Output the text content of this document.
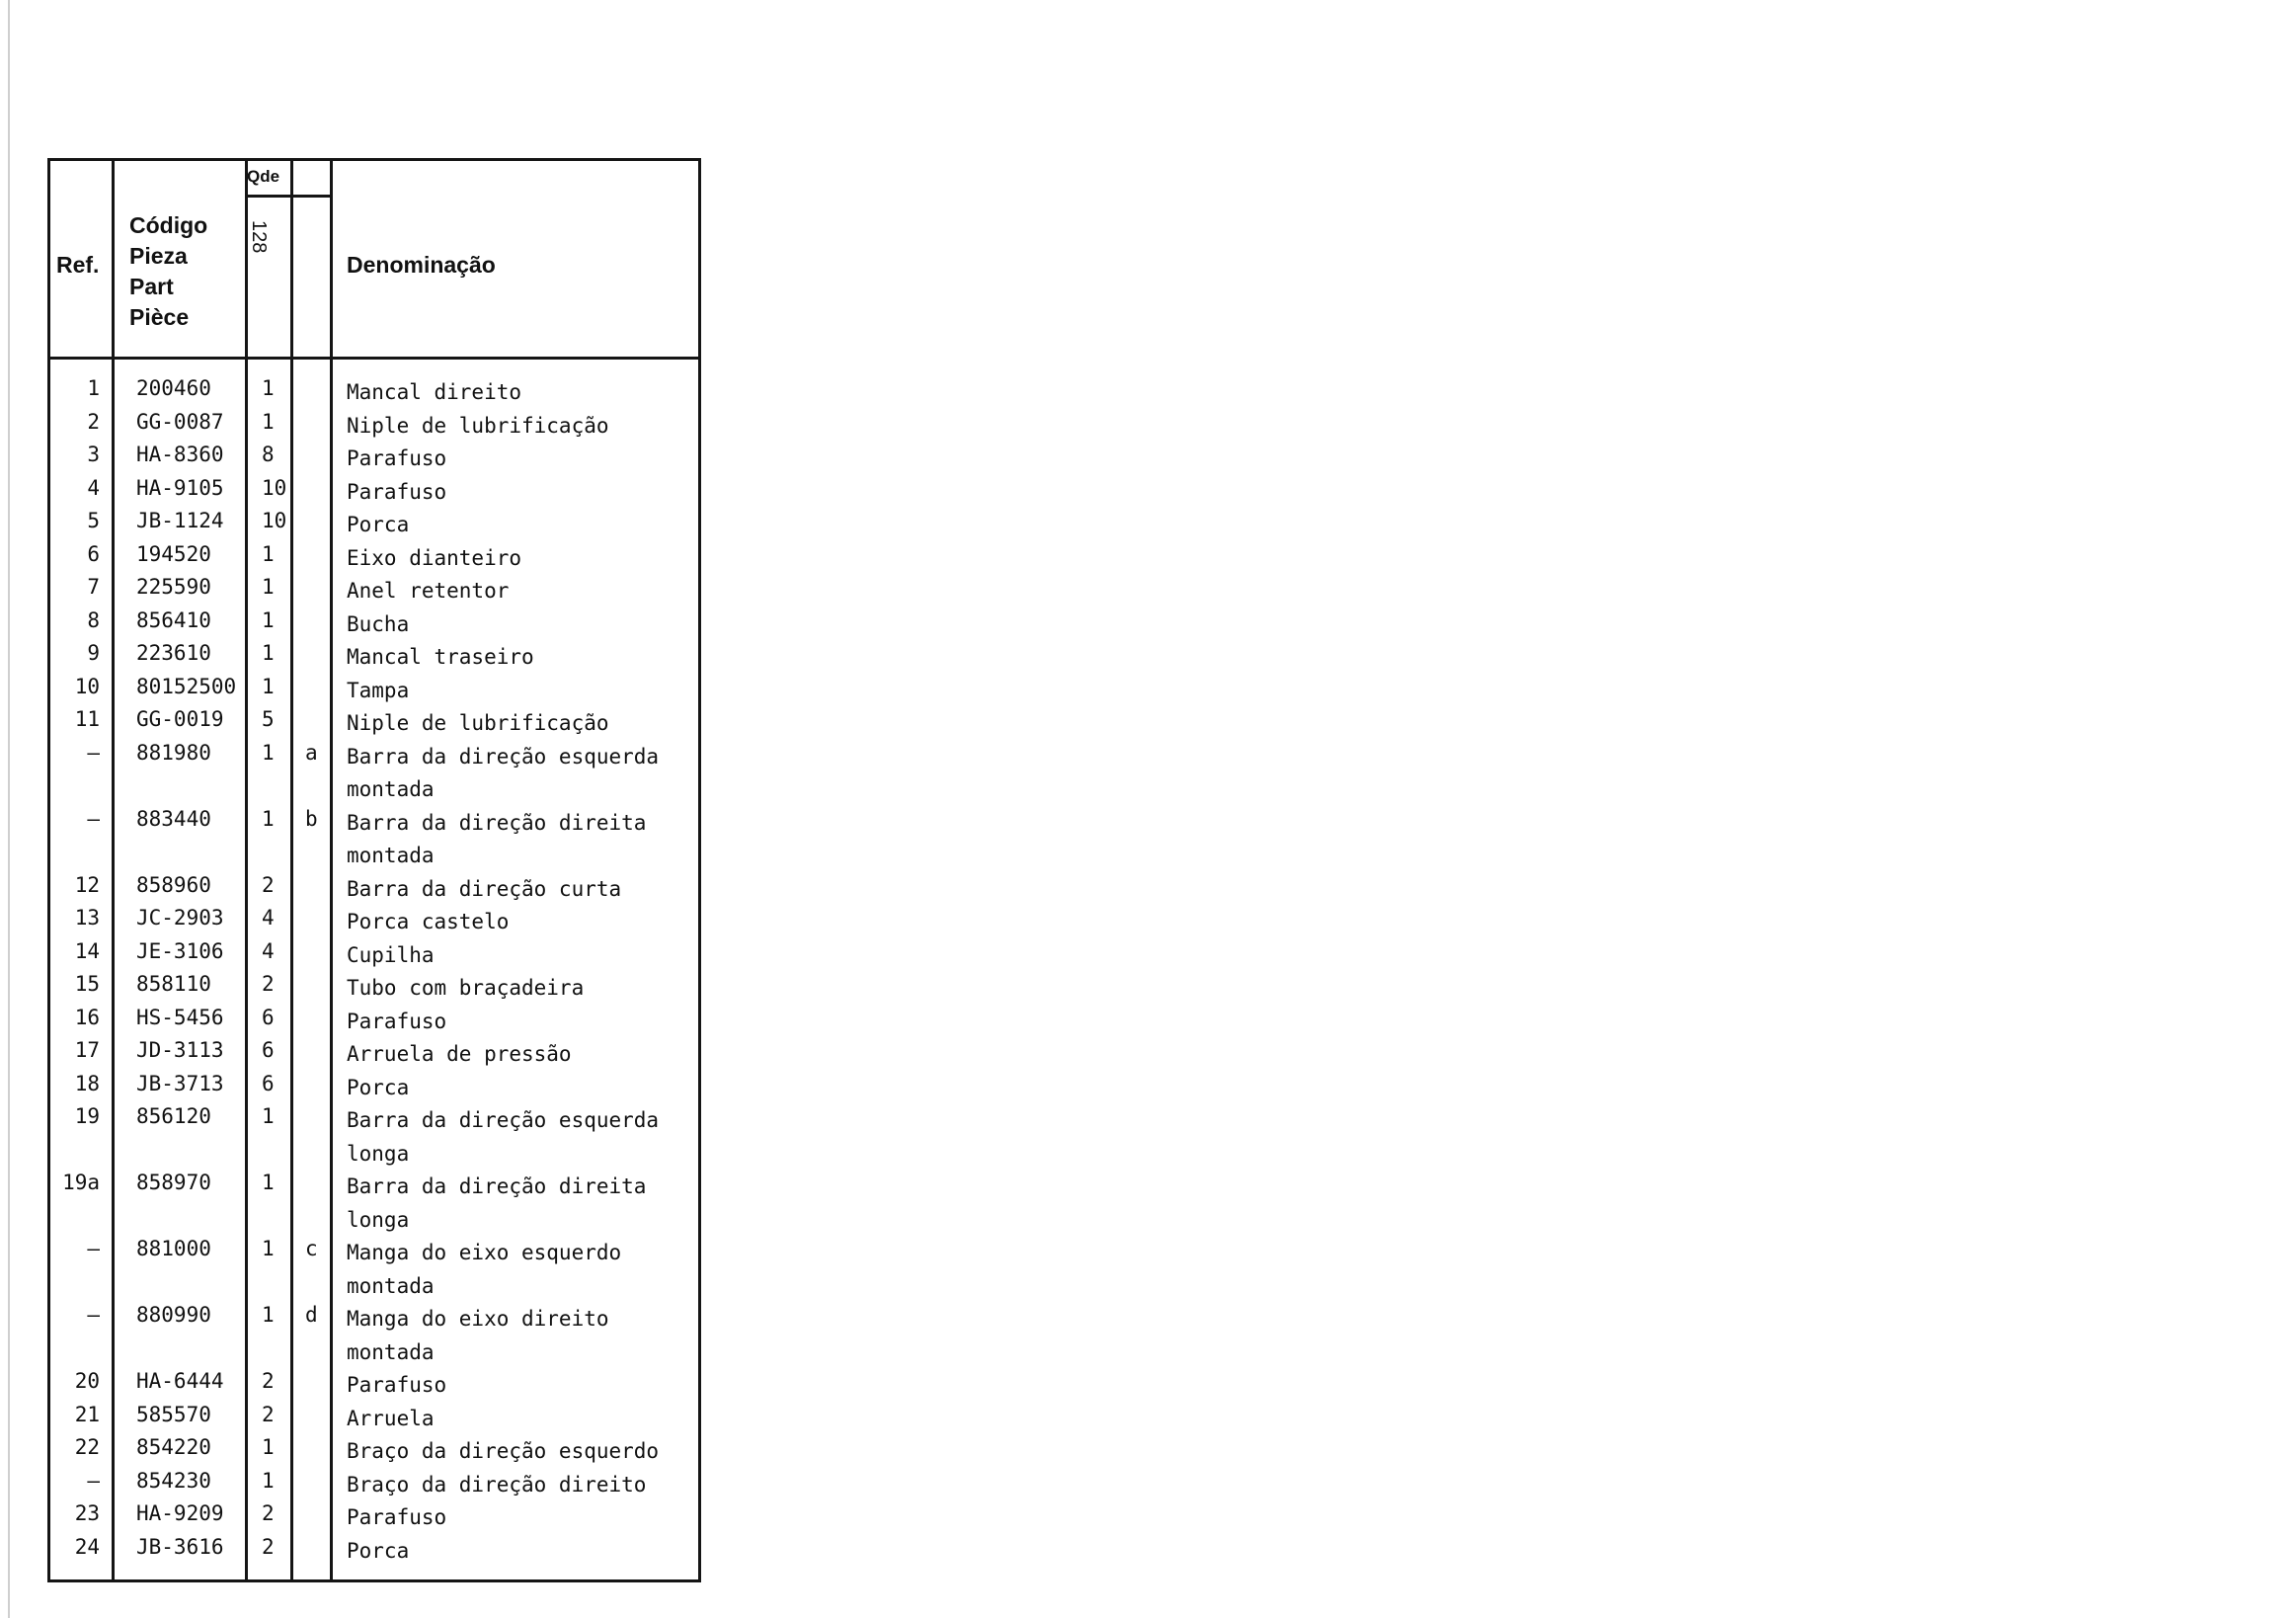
Ref.
Código
Pieza
Part
Pièce
Qde
128
Denominação
1 200460 1	Mancal direito
2 GG-0087 1	Niple de lubrificação
3 HA-8360 8	Parafuso
4 HA-9105 10	Parafuso
5 JB-1124 10	Porca
6 194520 1	Eixo dianteiro
7 225590 1	Anel retentor
8 856410 1	Bucha
9 223610 1	Mancal traseiro
10 80152500 1	Tampa
11 GG-0019 5	Niple de lubrificação
– 881980 1 a Barra da direção esquerda montada
– 883440 1 b Barra da direção direita montada
12 858960 2	Barra da direção curta
13 JC-2903 4	Porca castelo
14 JE-3106 4	Cupilha
15 858110 2	Tubo com braçadeira
16 HS-5456 6	Parafuso
17 JD-3113 6	Arruela de pressão
18 JB-3713 6	Porca
19 856120 1	Barra da direção esquerda longa
19a 858970 1	Barra da direção direita longa
– 881000 1 c Manga do eixo esquerdo montada
– 880990 1 d Manga do eixo direito montada
20 HA-6444 2	Parafuso
21 585570 2	Arruela
22 854220 1	Braço da direção esquerdo
– 854230 1	Braço da direção direito
23 HA-9209 2	Parafuso
24 JB-3616 2	Porca
